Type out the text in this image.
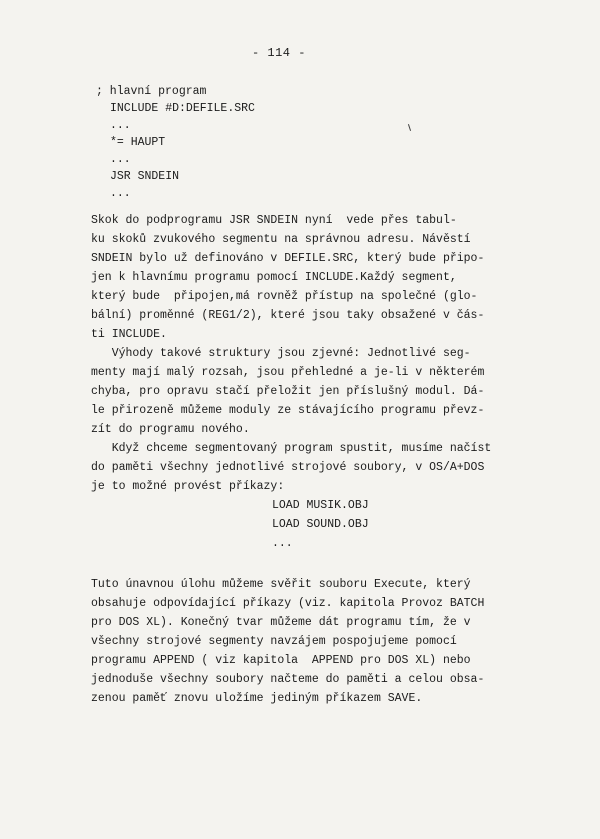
- 114 -
; hlavní program
INCLUDE #D:DEFILE.SRC
...
*= HAUPT
...
JSR SNDEIN
...
Skok do podprogramu JSR SNDEIN nyní  vede přes tabul-
ku skoků zvukového segmentu na správnou adresu. Návěstí
SNDEIN bylo už definováno v DEFILE.SRC, který bude připo-
jen k hlavnímu programu pomocí INCLUDE.Každý segment,
který bude  připojen,má rovněž přístup na společné (glo-
bální) proměnné (REG1/2), které jsou taky obsažené v čás-
ti INCLUDE.
Výhody takové struktury jsou zjevné: Jednotlivé seg-
menty mají malý rozsah, jsou přehledné a je-li v některém
chyba, pro opravu stačí přeložit jen příslušný modul. Dá-
le přirozeně můžeme moduly ze stávajícího programu převz-
zít do programu nového.
Když chceme segmentovaný program spustit, musíme načíst
do paměti všechny jednotlivé strojové soubory, v OS/A+DOS
je to možné provést příkazy:
LOAD MUSIK.OBJ
LOAD SOUND.OBJ
...
Tuto únavnou úlohu můžeme svěřit souboru Execute, který
obsahuje odpovídající příkazy (viz. kapitola Provoz BATCH
pro DOS XL). Konečný tvar můžeme dát programu tím, že v
všechny strojové segmenty navzájem pospojujeme pomocí
programu APPEND ( viz kapitola  APPEND pro DOS XL) nebo
jednoduše všechny soubory načteme do paměti a celou obsa-
zenou paměť znovu uložíme jediným příkazem SAVE.
